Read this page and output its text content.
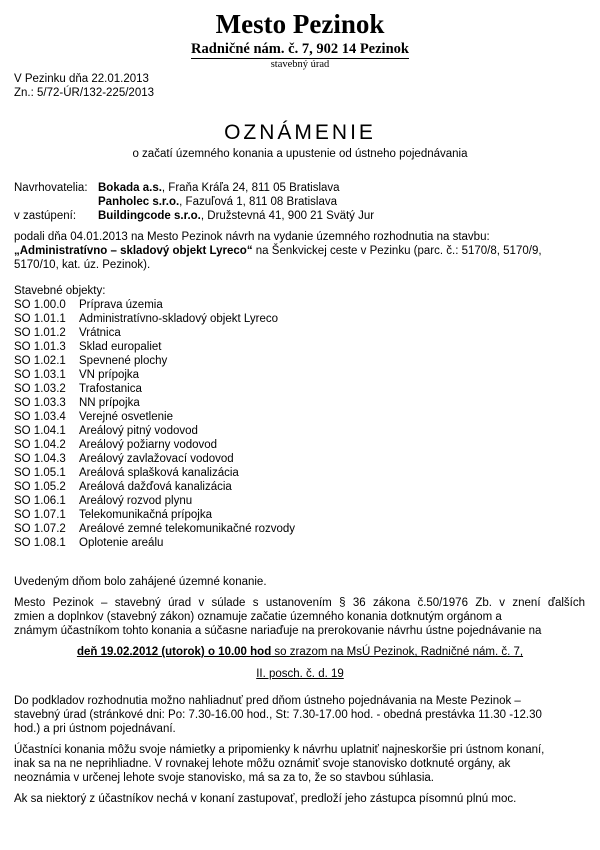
Mesto Pezinok
Radničné nám. č. 7, 902 14 Pezinok
stavebný úrad
V Pezinku dňa 22.01.2013
Zn.: 5/72-ÚR/132-225/2013
OZNÁMENIE
o začatí územného konania a upustenie od ústneho pojednávania
Navrhovatelia: Bokada a.s., Fraňa Kráľa 24, 811 05 Bratislava
Panholec s.r.o., Fazuľová 1, 811 08 Bratislava
v zastúpení: Buildingcode s.r.o., Družstevná 41, 900 21 Svätý Jur
podali dňa 04.01.2013 na Mesto Pezinok návrh na vydanie územného rozhodnutia na stavbu:
„Administratívno – skladový objekt Lyreco“ na Šenkvickej ceste v Pezinku (parc. č.: 5170/8, 5170/9,
5170/10, kat. úz. Pezinok).
Stavebné objekty:
SO 1.00.0 Príprava územia
SO 1.01.1 Administratívno-skladový objekt Lyreco
SO 1.01.2 Vrátnica
SO 1.01.3 Sklad europaliet
SO 1.02.1 Spevnené plochy
SO 1.03.1 VN prípojka
SO 1.03.2 Trafostanica
SO 1.03.3 NN prípojka
SO 1.03.4 Verejné osvetlenie
SO 1.04.1 Areálový pitný vodovod
SO 1.04.2 Areálový požiarny vodovod
SO 1.04.3 Areálový zavlažovací vodovod
SO 1.05.1 Areálová splašková kanalizácia
SO 1.05.2 Areálová dažďová kanalizácia
SO 1.06.1 Areálový rozvod plynu
SO 1.07.1 Telekomunikačná prípojka
SO 1.07.2 Areálové zemné telekomunikačné rozvody
SO 1.08.1 Oplotenie areálu
Uvedeným dňom bolo zahájené územné konanie.
Mesto Pezinok – stavebný úrad v súlade s ustanovením § 36 zákona č.50/1976 Zb. v znení ďalších
zmien a doplnkov (stavebný zákon) oznamuje začatie územného konania dotknutým orgánom a
známym účastníkom tohto konania a súčasne nariaďuje na prerokovanie návrhu ústne pojednávanie na
deň 19.02.2012 (utorok) o 10.00 hod so zrazom na MsÚ Pezinok, Radničné nám. č. 7,
II. posch. č. d. 19
Do podkladov rozhodnutia možno nahliadnuť pred dňom ústneho pojednávania na Meste Pezinok –
stavebný úrad (stránkové dni: Po: 7.30-16.00 hod., St: 7.30-17.00 hod. - obedná prestávka 11.30 -12.30
hod.) a pri ústnom pojednávaní.
Účastníci konania môžu svoje námietky a pripomienky k návrhu uplatniť najneskoršie pri ústnom konaní,
inak sa na ne neprihliadne. V rovnakej lehote môžu oznámiť svoje stanovisko dotknuté orgány, ak
neoznámia v určenej lehote svoje stanovisko, má sa za to, že so stavbou súhlasia.
Ak sa niektorý z účastníkov nechá v konaní zastupovať, predloží jeho zástupca písomnú plnú moc.
